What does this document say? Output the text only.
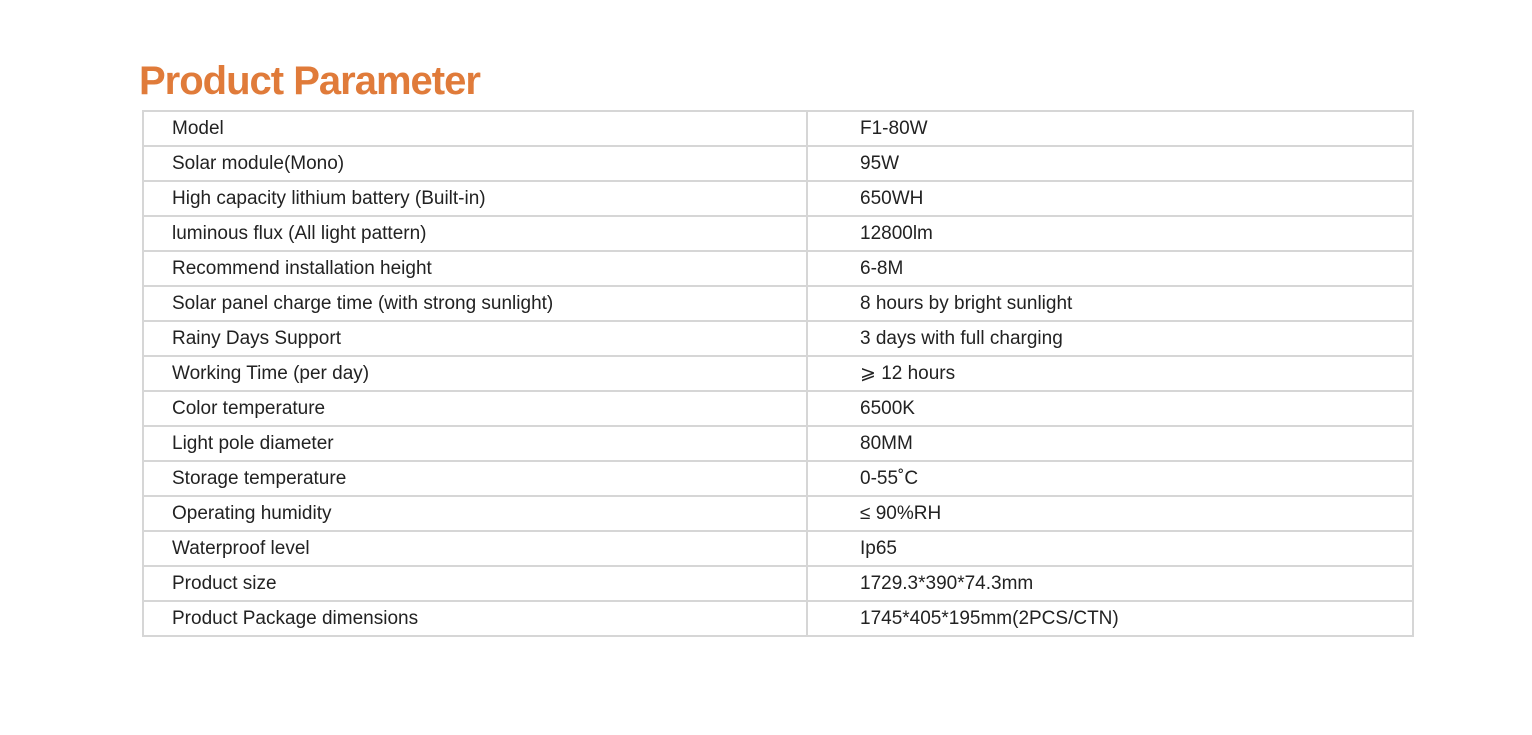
Product Parameter
Model	F1-80W
Solar module(Mono)	95W
High capacity lithium battery (Built-in)	650WH
luminous flux (All light pattern)	12800lm
Recommend installation height	6-8M
Solar panel charge time (with strong sunlight)	8 hours by bright sunlight
Rainy Days Support	3 days with full charging
Working Time (per day)	⩾ 12 hours
Color temperature	6500K
Light pole diameter	80MM
Storage temperature	0-55˚C
Operating humidity	≤ 90%RH
Waterproof level	Ip65
Product size	1729.3*390*74.3mm
Product Package dimensions	1745*405*195mm(2PCS/CTN)
